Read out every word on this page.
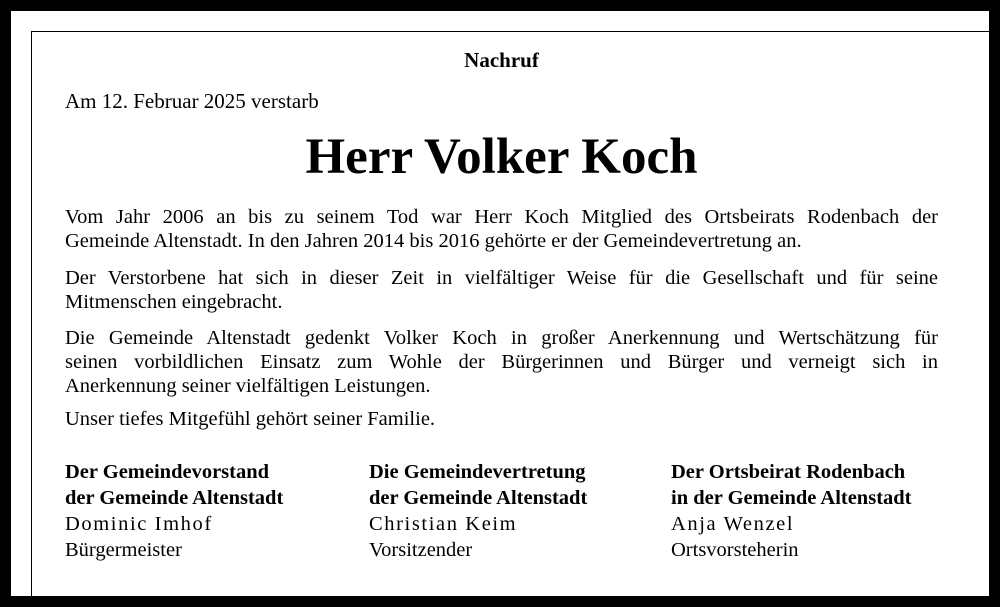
Nachruf
Am 12. Februar 2025 verstarb
Herr Volker Koch
Vom Jahr 2006 an bis zu seinem Tod war Herr Koch Mitglied des Ortsbeirats Rodenbach der
Gemeinde Altenstadt. In den Jahren 2014 bis 2016 gehörte er der Gemeindevertretung an.
Der Verstorbene hat sich in dieser Zeit in vielfältiger Weise für die Gesellschaft und für seine
Mitmenschen eingebracht.
Die Gemeinde Altenstadt gedenkt Volker Koch in großer Anerkennung und Wertschätzung für
seinen vorbildlichen Einsatz zum Wohle der Bürgerinnen und Bürger und verneigt sich in
Anerkennung seiner vielfältigen Leistungen.
Unser tiefes Mitgefühl gehört seiner Familie.
Der Gemeindevorstand
der Gemeinde Altenstadt
Dominic Imhof
Bürgermeister
Die Gemeindevertretung
der Gemeinde Altenstadt
Christian Keim
Vorsitzender
Der Ortsbeirat Rodenbach
in der Gemeinde Altenstadt
Anja Wenzel
Ortsvorsteherin
